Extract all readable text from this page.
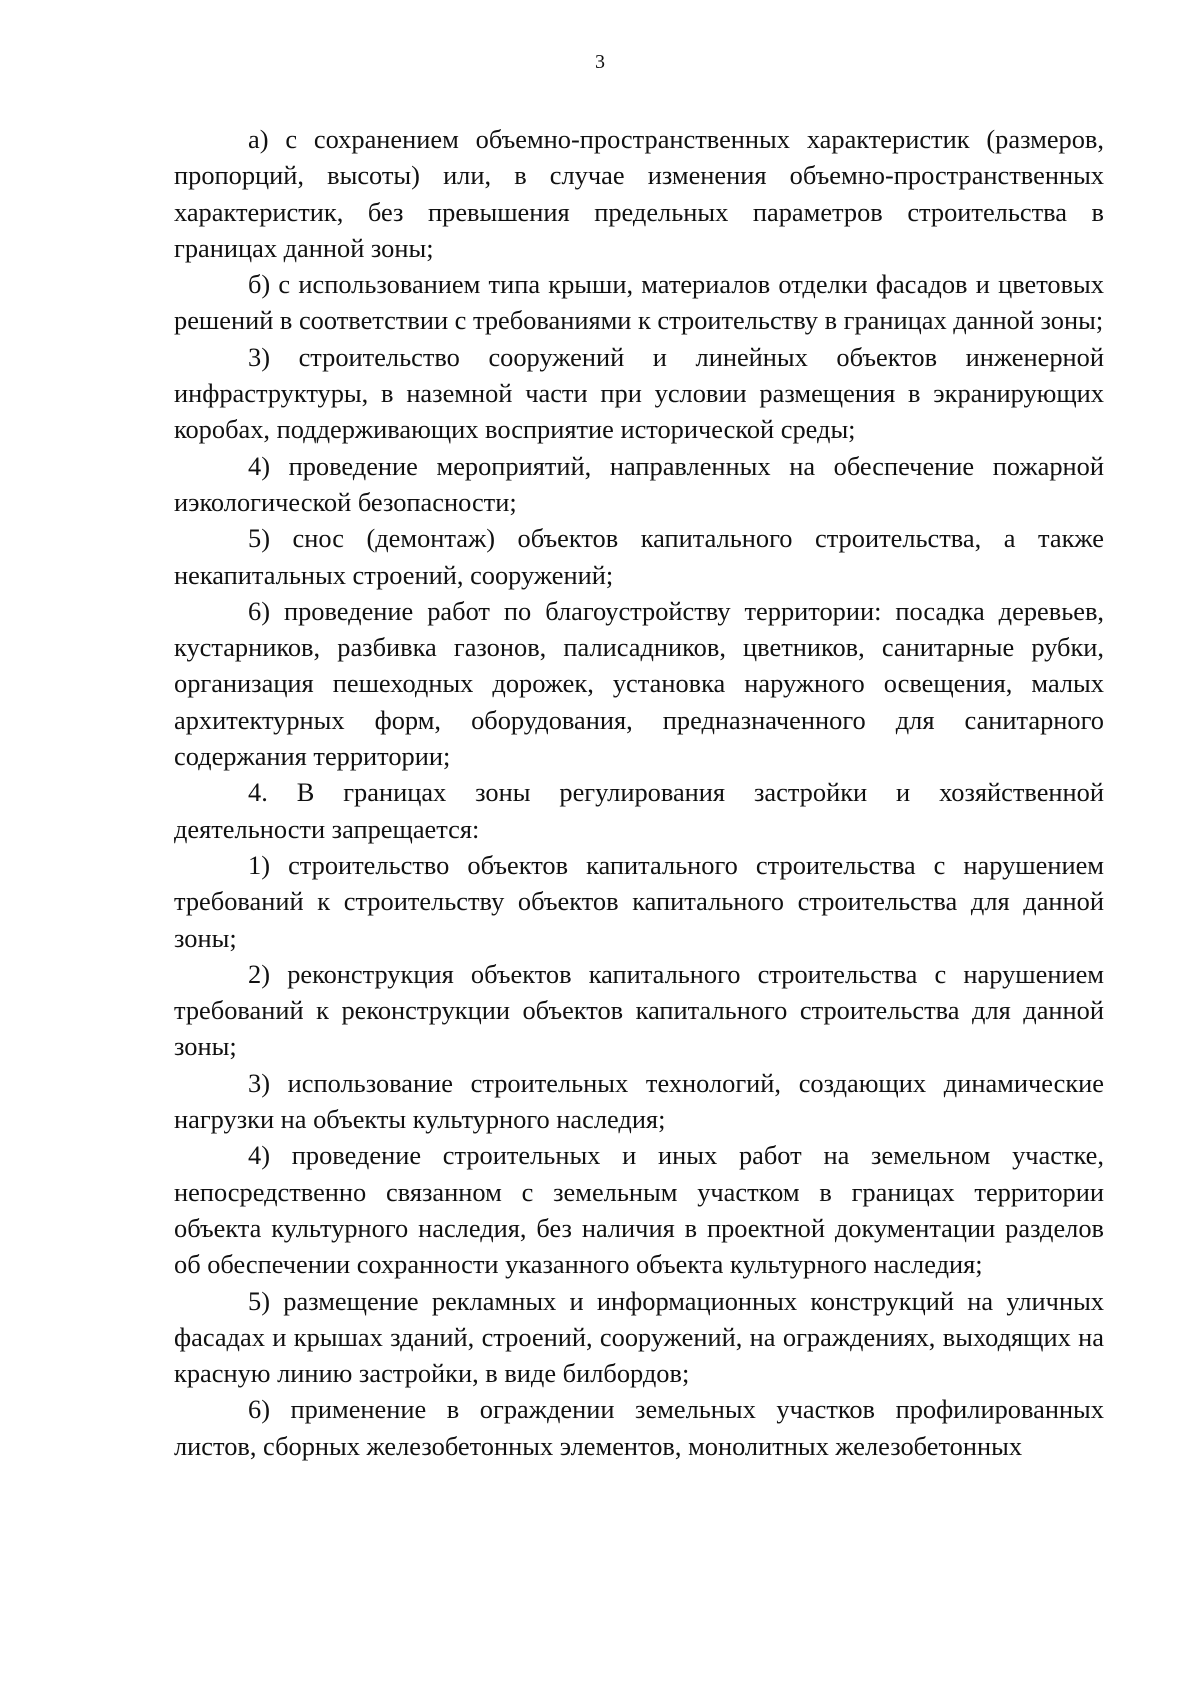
3

а) с сохранением объемно-пространственных характеристик (размеров, пропорций, высоты) или, в случае изменения объемно-пространственных характеристик, без превышения предельных параметров строительства в границах данной зоны;

б) с использованием типа крыши, материалов отделки фасадов и цветовых решений в соответствии с требованиями к строительству в границах данной зоны;

3) строительство сооружений и линейных объектов инженерной инфраструктуры, в наземной части при условии размещения в экранирующих коробах, поддерживающих восприятие исторической среды;

4) проведение мероприятий, направленных на обеспечение пожарной иэкологической безопасности;

5) снос (демонтаж) объектов капитального строительства, а также некапитальных строений, сооружений;

6) проведение работ по благоустройству территории: посадка деревьев, кустарников, разбивка газонов, палисадников, цветников, санитарные рубки, организация пешеходных дорожек, установка наружного освещения, малых архитектурных форм, оборудования, предназначенного для санитарного содержания территории;

4. В границах зоны регулирования застройки и хозяйственной деятельности запрещается:

1) строительство объектов капитального строительства с нарушением требований к строительству объектов капитального строительства для данной зоны;

2) реконструкция объектов капитального строительства с нарушением требований к реконструкции объектов капитального строительства для данной зоны;

3) использование строительных технологий, создающих динамические нагрузки на объекты культурного наследия;

4) проведение строительных и иных работ на земельном участке, непосредственно связанном с земельным участком в границах территории объекта культурного наследия, без наличия в проектной документации разделов об обеспечении сохранности указанного объекта культурного наследия;

5) размещение рекламных и информационных конструкций на уличных фасадах и крышах зданий, строений, сооружений, на ограждениях, выходящих на красную линию застройки, в виде билбордов;

6) применение в ограждении земельных участков профилированных листов, сборных железобетонных элементов, монолитных железобетонных
